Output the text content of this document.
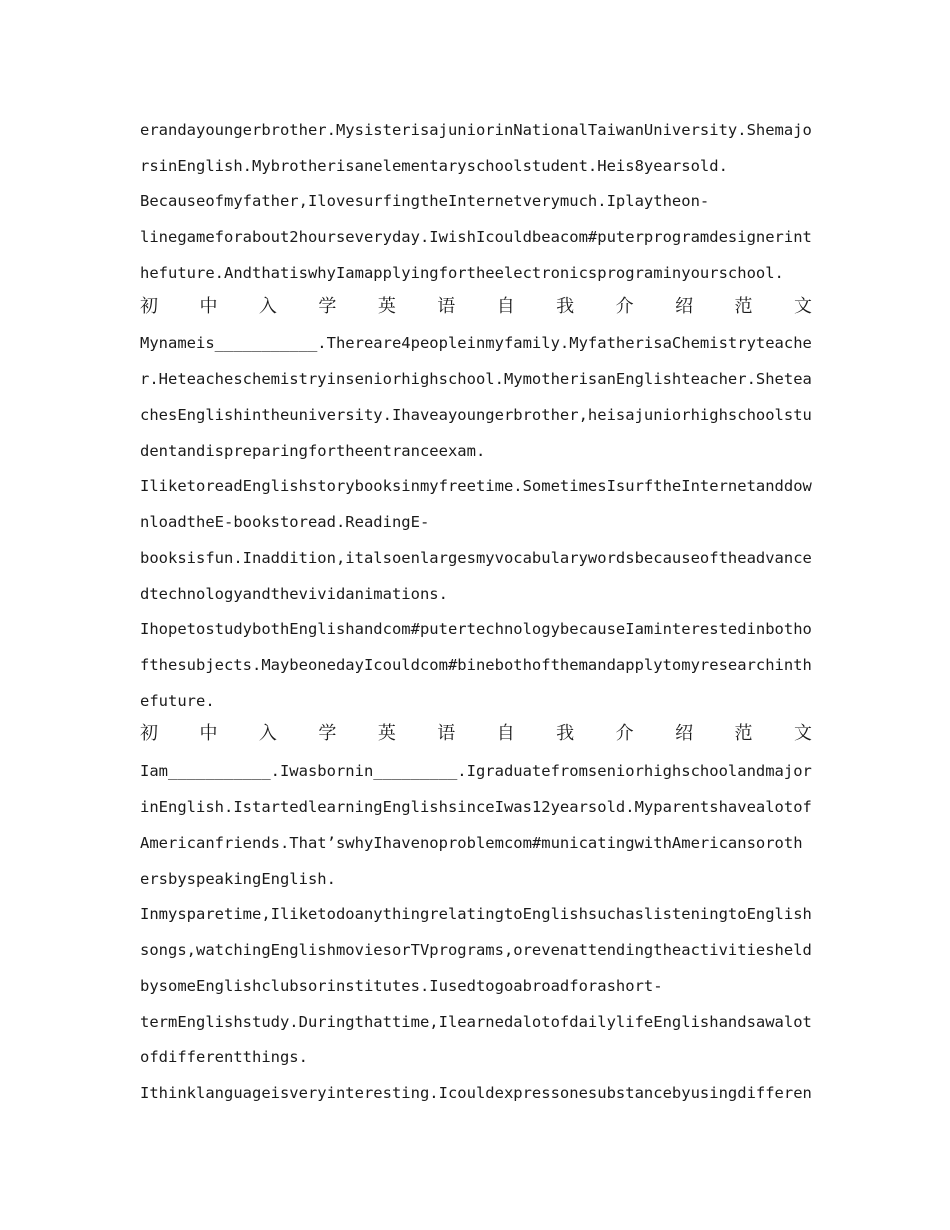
erandayoungerbrother.MysisterisajuniorinNationalTaiwanUniversity.Shemajo
rsinEnglish.Mybrotherisanelementaryschoolstudent.Heis8yearsold.
Becauseofmyfather,IlovesurfingtheInternetverymuch.Iplaytheon-
linegameforabout2hourseveryday.IwishIcouldbeacom#puterprogramdesignerint
hefuture.AndthatiswhyIamapplyingfortheelectronicsprograminyourschool.
初 中 入 学 英 语 自 我 介 绍 范 文
Mynameis___________.Thereare4peopleinmyfamily.MyfatherisaChemistryteache
r.Heteacheschemistryinseniorhighschool.MymotherisanEnglishteacher.Shetea
chesEnglishintheuniversity.Ihaveayoungerbrother,heisajuniorhighschoolstu
dentandispreparingfortheentranceexam.
IliketoreadEnglishstorybooksinmyfreetime.SometimesIsurftheInternetanddow
nloadtheE-bookstoread.ReadingE-
booksisfun.Inaddition,italsoenlargesmyvocabularywordsbecauseoftheadvance
dtechnologyandthevividanimations.
IhopetostudybothEnglishandcom#putertechnologybecauseIaminterestedinbotho
fthesubjects.MaybeonedayIcouldcom#binebothofthemandapplytomyresearchinth
efuture.
初 中 入 学 英 语 自 我 介 绍 范 文
Iam___________.Iwasbornin_________.Igraduatefromseniorhighschoolandmajor
inEnglish.IstartedlearningEnglishsinceIwas12yearsold.Myparentshavealotof
Americanfriends.That’swhyIhavenoproblemcom#municatingwithAmericansoroth
ersbyspeakingEnglish.
Inmysparetime,IliketodoanythingrelatingtoEnglishsuchaslisteningtoEnglish
songs,watchingEnglishmoviesorTVprograms,orevenattendingtheactivitiesheld
bysomeEnglishclubsorinstitutes.Iusedtogoabroadforashort-
termEnglishstudy.Duringthattime,IlearnedalotofdailylifeEnglishandsawalot
ofdifferentthings.
Ithinklanguageisveryinteresting.Icouldexpressonesubstancebyusingdifferen
